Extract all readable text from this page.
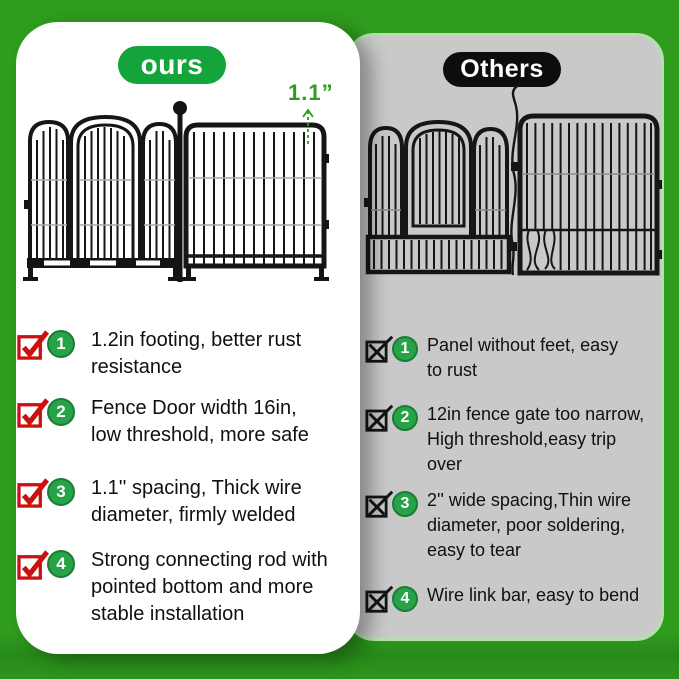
Others
1 Panel without feet, easy
to rust
2 12in fence gate too narrow,
High threshold,easy trip
over
3 2'' wide spacing,Thin wire
diameter, poor soldering,
easy to tear
4 Wire link bar, easy to bend
ours
1.1”
1	1.2in footing, better rust
resistance
2	Fence Door width 16in,
low threshold, more safe
3	1.1'' spacing, Thick wire
diameter, firmly welded
4	Strong connecting rod with
pointed bottom and more
stable installation
